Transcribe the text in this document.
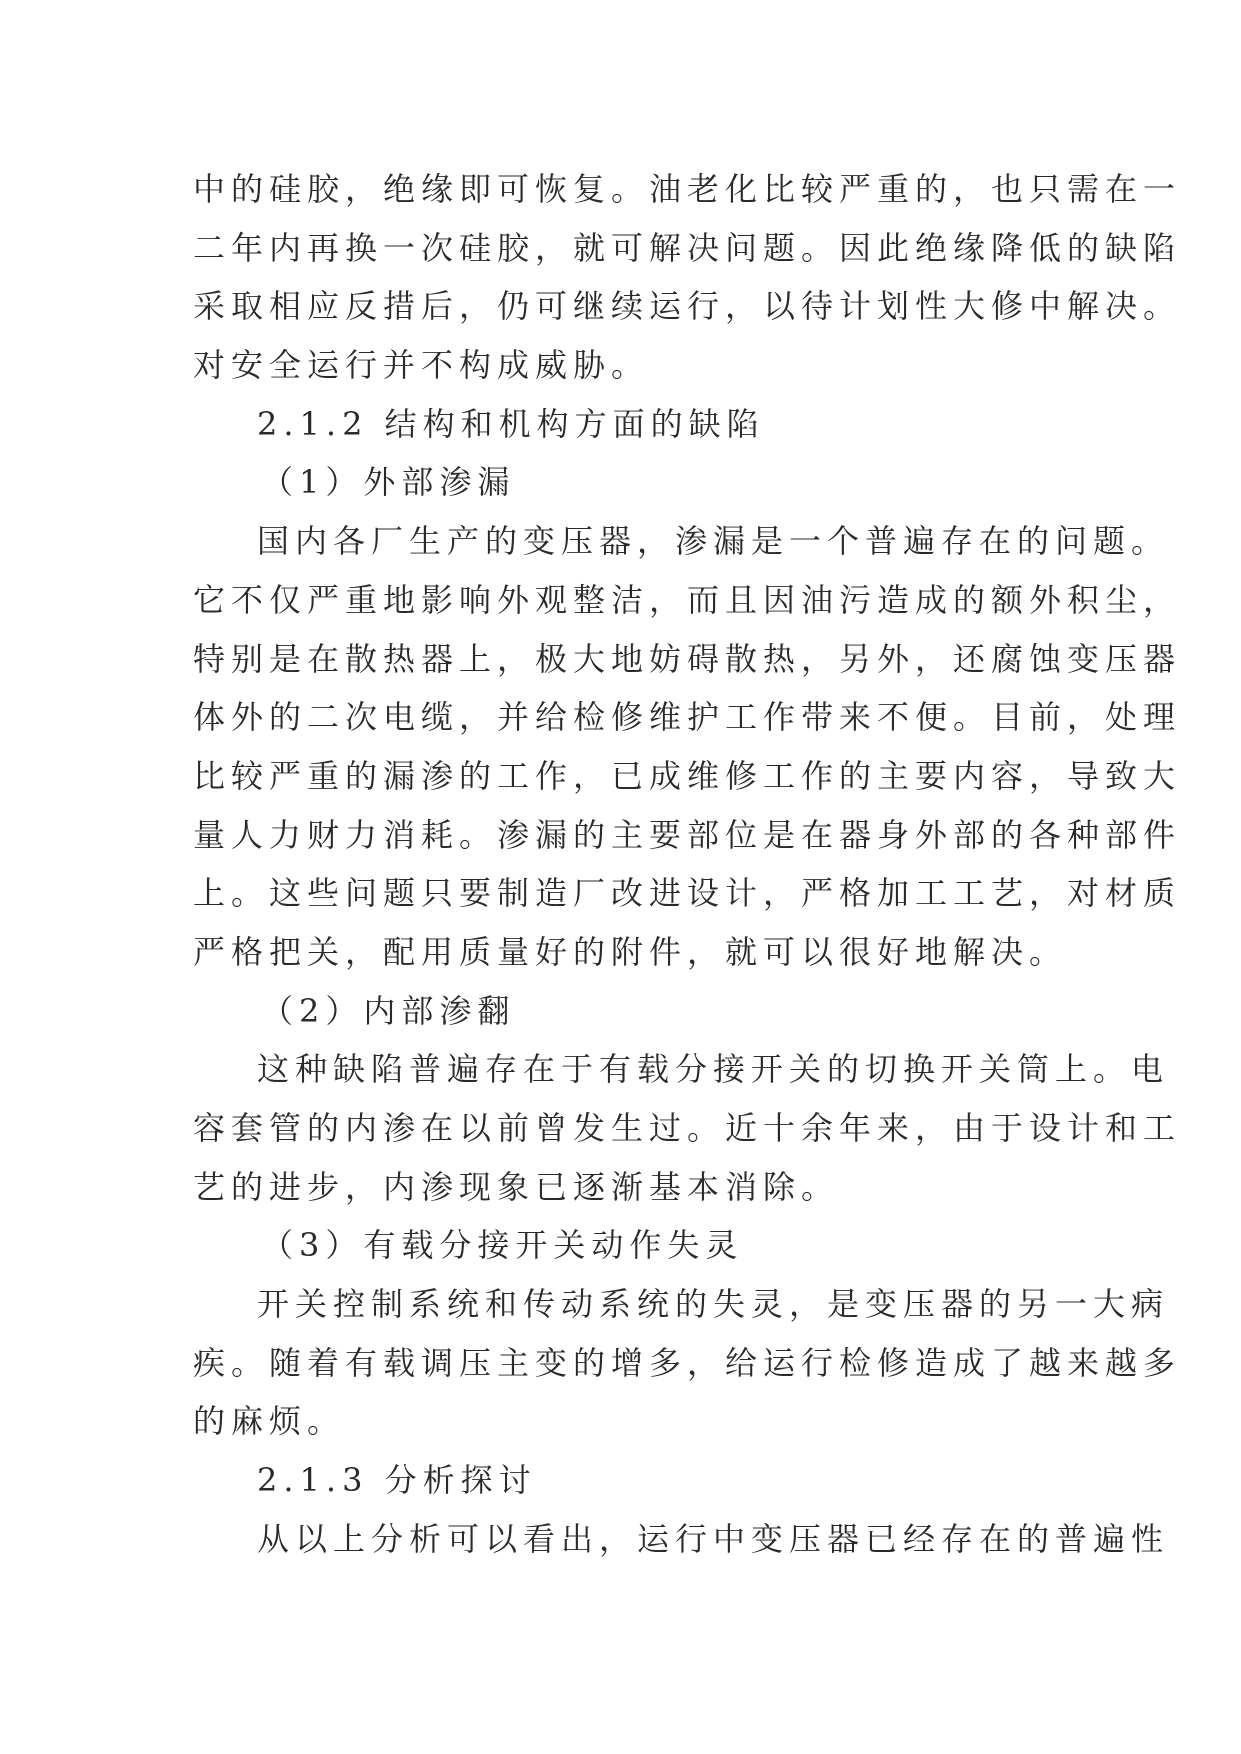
中的硅胶，绝缘即可恢复。油老化比较严重的，也只需在一

二年内再换一次硅胶，就可解决问题。因此绝缘降低的缺陷

采取相应反措后，仍可继续运行，以待计划性大修中解决。

对安全运行并不构成威胁。

2.1.2 结构和机构方面的缺陷

（1）外部渗漏

国内各厂生产的变压器，渗漏是一个普遍存在的问题。

它不仅严重地影响外观整洁，而且因油污造成的额外积尘，

特别是在散热器上，极大地妨碍散热，另外，还腐蚀变压器

体外的二次电缆，并给检修维护工作带来不便。目前，处理

比较严重的漏渗的工作，已成维修工作的主要内容，导致大

量人力财力消耗。渗漏的主要部位是在器身外部的各种部件

上。这些问题只要制造厂改进设计，严格加工工艺，对材质

严格把关，配用质量好的附件，就可以很好地解决。

（2）内部渗翻

这种缺陷普遍存在于有载分接开关的切换开关筒上。电

容套管的内渗在以前曾发生过。近十余年来，由于设计和工

艺的进步，内渗现象已逐渐基本消除。

（3）有载分接开关动作失灵

开关控制系统和传动系统的失灵，是变压器的另一大病

疾。随着有载调压主变的增多，给运行检修造成了越来越多

的麻烦。

2.1.3 分析探讨

从以上分析可以看出，运行中变压器已经存在的普遍性
